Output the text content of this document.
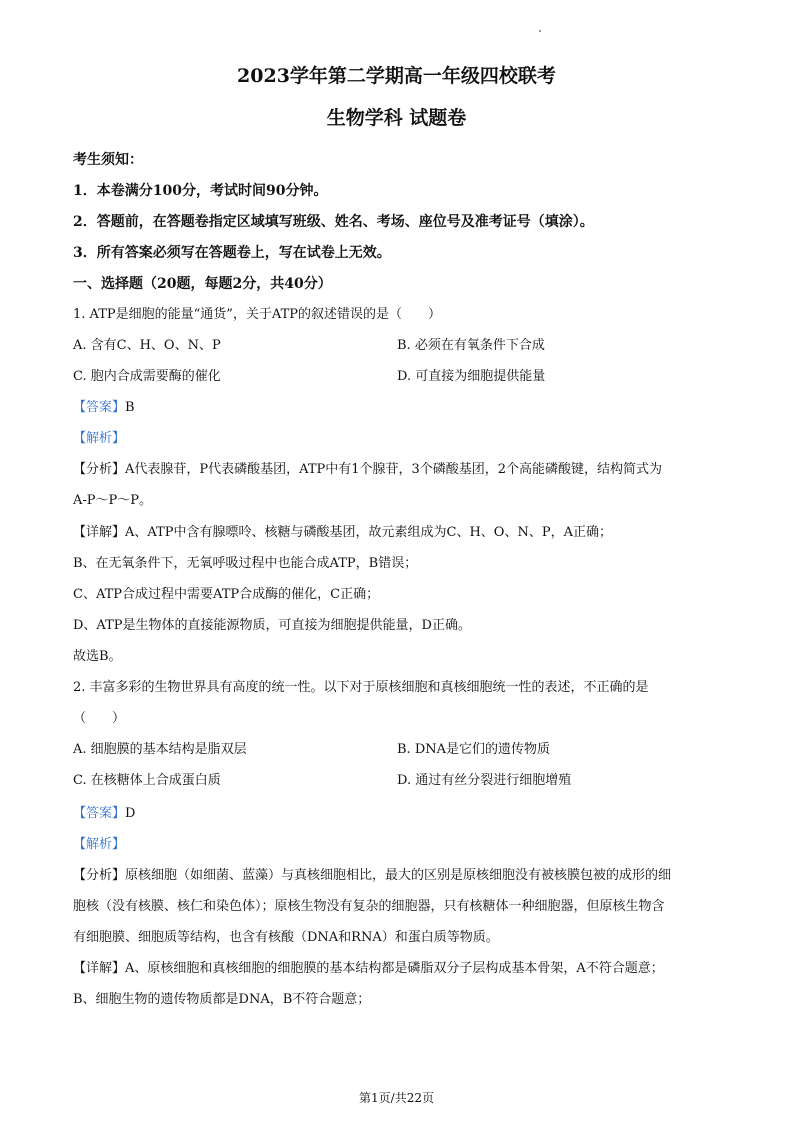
2023学年第二学期高一年级四校联考
生物学科 试题卷
考生须知：
1．本卷满分100分，考试时间90分钟。
2．答题前，在答题卷指定区域填写班级、姓名、考场、座位号及准考证号（填涂）。
3．所有答案必须写在答题卷上，写在试卷上无效。
一、选择题（20题，每题2分，共40分）
1. ATP是细胞的能量“通货”，关于ATP的叙述错误的是（　　）
A. 含有C、H、O、N、P	B. 必须在有氧条件下合成
C. 胞内合成需要酶的催化	D. 可直接为细胞提供能量
【答案】B
【解析】
【分析】A代表腺苷，P代表磷酸基团，ATP中有1个腺苷，3个磷酸基团，2个高能磷酸键，结构简式为
A-P～P～P。
【详解】A、ATP中含有腺嘌呤、核糖与磷酸基团，故元素组成为C、H、O、N、P，A正确；
B、在无氧条件下，无氧呼吸过程中也能合成ATP，B错误；
C、ATP合成过程中需要ATP合成酶的催化，C正确；
D、ATP是生物体的直接能源物质，可直接为细胞提供能量，D正确。
故选B。
2. 丰富多彩的生物世界具有高度的统一性。以下对于原核细胞和真核细胞统一性的表述，不正确的是
（　　）
A. 细胞膜的基本结构是脂双层	B. DNA是它们的遗传物质
C. 在核糖体上合成蛋白质	D. 通过有丝分裂进行细胞增殖
【答案】D
【解析】
【分析】原核细胞（如细菌、蓝藻）与真核细胞相比，最大的区别是原核细胞没有被核膜包被的成形的细
胞核（没有核膜、核仁和染色体）；原核生物没有复杂的细胞器，只有核糖体一种细胞器，但原核生物含
有细胞膜、细胞质等结构，也含有核酸（DNA和RNA）和蛋白质等物质。
【详解】A、原核细胞和真核细胞的细胞膜的基本结构都是磷脂双分子层构成基本骨架，A不符合题意；
B、细胞生物的遗传物质都是DNA，B不符合题意；
第1页/共22页
